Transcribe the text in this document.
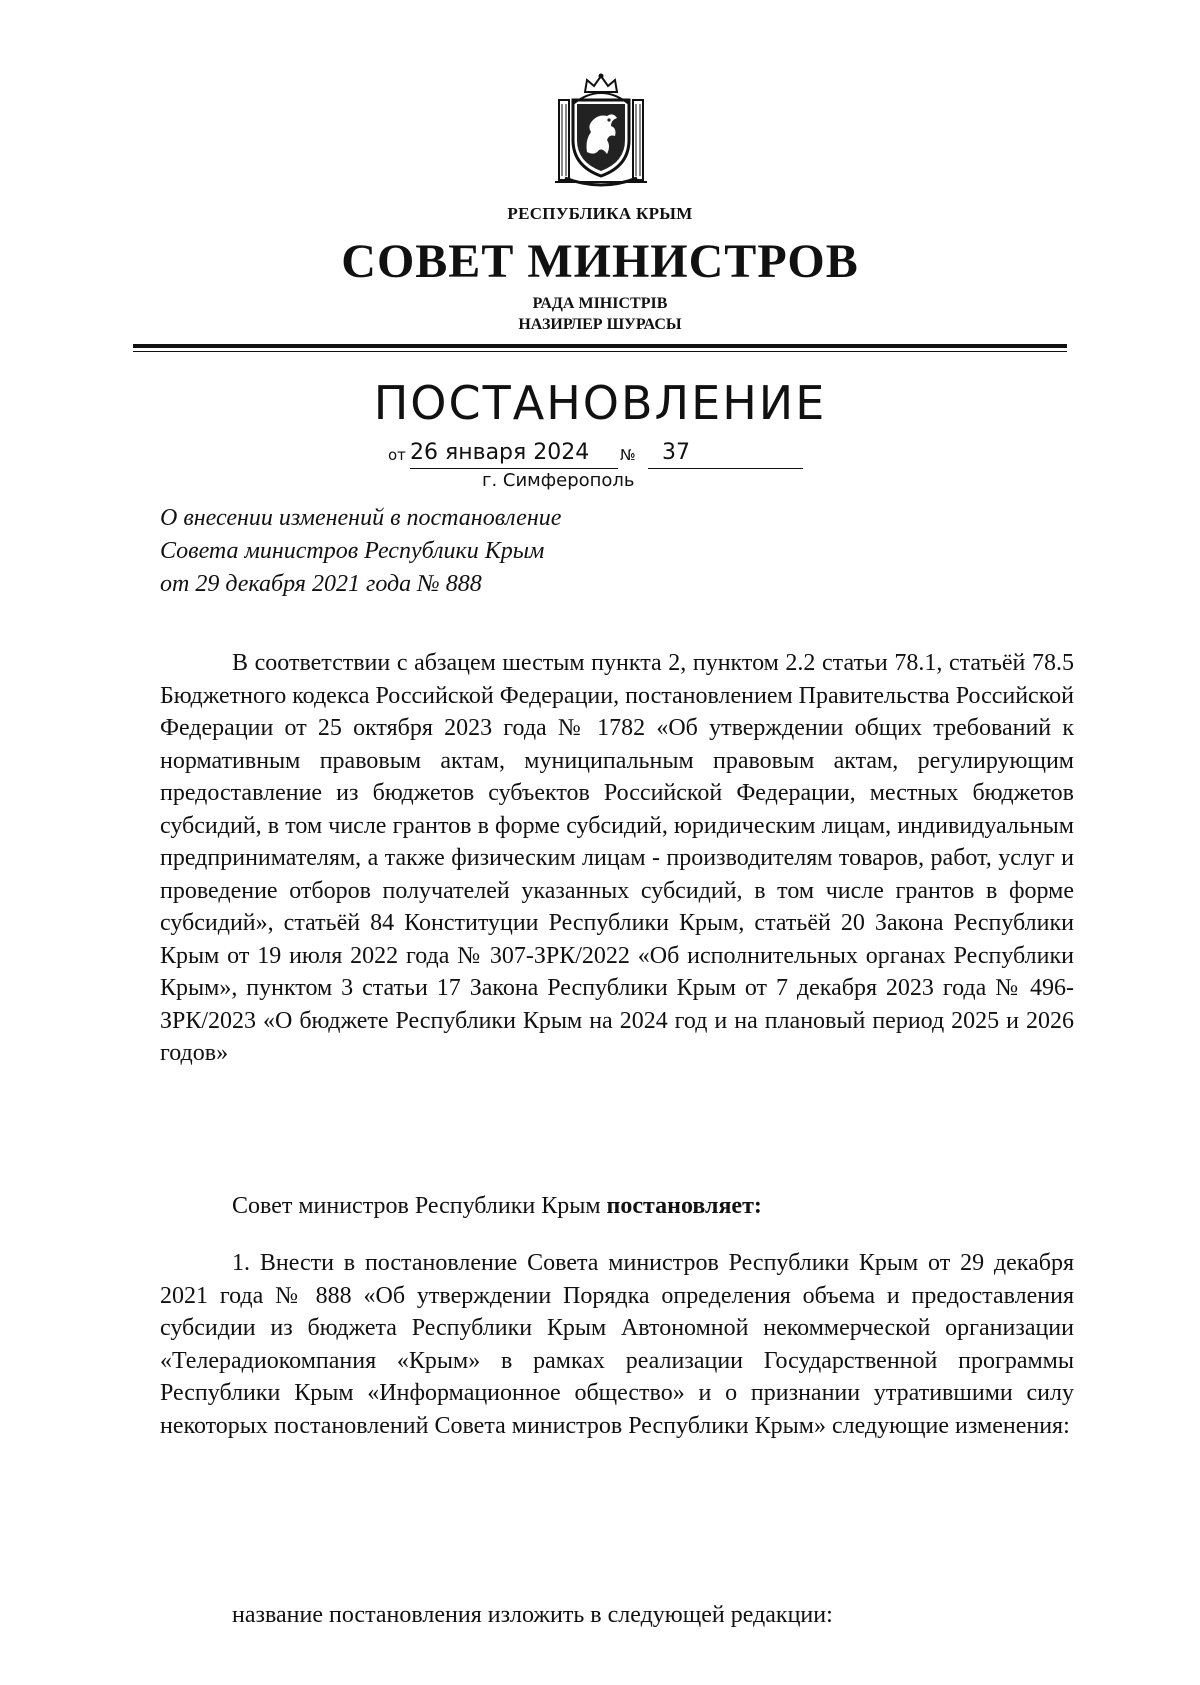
РЕСПУБЛИКА КРЫМ
СОВЕТ МИНИСТРОВ
РАДА МІНІСТРІВ
НАЗИРЛЕР ШУРАСЫ
ПОСТАНОВЛЕНИЕ
от 26 января 2024	№	37
г. Симферополь
О внесении изменений в постановление
Совета министров Республики Крым
от 29 декабря 2021 года № 888
В соответствии с абзацем шестым пункта 2, пунктом 2.2 статьи 78.1, статьёй 78.5 Бюджетного кодекса Российской Федерации, постановлением Правительства Российской Федерации от 25 октября 2023 года № 1782 «Об утверждении общих требований к нормативным правовым актам, муниципальным правовым актам, регулирующим предоставление из бюджетов субъектов Российской Федерации, местных бюджетов субсидий, в том числе грантов в форме субсидий, юридическим лицам, индивидуальным предпринимателям, а также физическим лицам - производителям товаров, работ, услуг и проведение отборов получателей указанных субсидий, в том числе грантов в форме субсидий», статьёй 84 Конституции Республики Крым, статьёй 20 Закона Республики Крым от 19 июля 2022 года № 307-ЗРК/2022 «Об исполнительных органах Республики Крым», пунктом 3 статьи 17 Закона Республики Крым от 7 декабря 2023 года № 496-ЗРК/2023 «О бюджете Республики Крым на 2024 год и на плановый период 2025 и 2026 годов»
Совет министров Республики Крым постановляет:
1. Внести в постановление Совета министров Республики Крым от 29 декабря 2021 года № 888 «Об утверждении Порядка определения объема и предоставления субсидии из бюджета Республики Крым Автономной некоммерческой организации «Телерадиокомпания «Крым» в рамках реализации Государственной программы Республики Крым «Информационное общество» и о признании утратившими силу некоторых постановлений Совета министров Республики Крым» следующие изменения:
название постановления изложить в следующей редакции:
